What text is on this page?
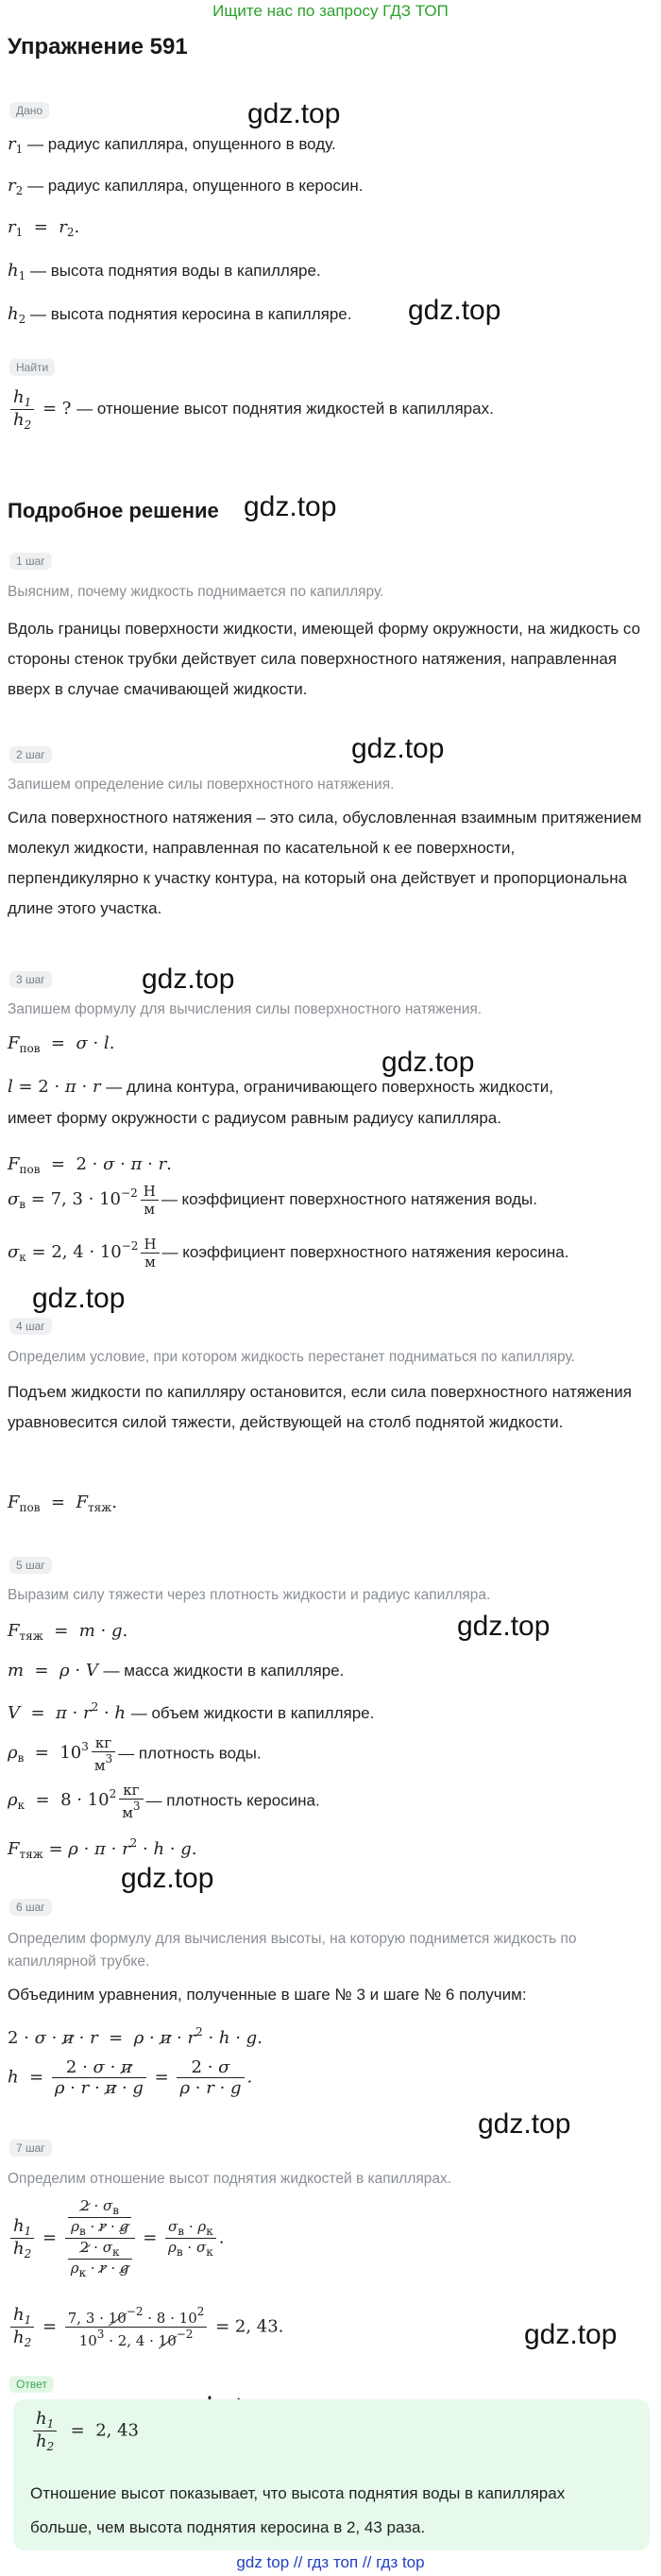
Ищите нас по запросу ГДЗ ТОП
Упражнение 591
gdz.top
gdz.top
gdz.top
gdz.top
gdz.top
gdz.top
gdz.top
gdz.top
gdz.top
gdz.top
gdz.top
Дано
$r_1$ — радиус капилляра, опущенного в воду.
$r_2$ — радиус капилляра, опущенного в керосин.
$r_1 = r_2$.
$h_1$ — высота поднятия воды в капилляре.
$h_2$ — высота поднятия керосина в капилляре.
Найти
$\frac{h_1}{h_2}$ = ? — отношение высот поднятия жидкостей в капиллярах.
Подробное решение
1 шаг
Выясним, почему жидкость поднимается по капилляру.
Вдоль границы поверхности жидкости, имеющей форму окружности, на жидкость со стороны стенок трубки действует сила поверхностного натяжения, направленная вверх в случае смачивающей жидкости.
2 шаг
Запишем определение силы поверхностного натяжения.
Сила поверхностного натяжения – это сила, обусловленная взаимным притяжением молекул жидкости, направленная по касательной к ее поверхности, перпендикулярно к участку контура, на который она действует и пропорциональна длине этого участка.
3 шаг
Запишем формулу для вычисления силы поверхностного натяжения.
$F_{пов} = \sigma \cdot l$.
l = 2 · π · r — длина контура, ограничивающего поверхность жидкости,
имеет форму окружности с радиусом равным радиусу капилляра.
$F_{пов} = 2 \cdot \sigma \cdot \pi \cdot r$.
$\sigma_в = 7$, $3 \cdot 10^{-2} \frac{Н}{м}$ — коэффициент поверхностного натяжения воды.
$\sigma_к = 2$, $4 \cdot 10^{-2} \frac{Н}{м}$ — коэффициент поверхностного натяжения керосина.
4 шаг
Определим условие, при котором жидкость перестанет подниматься по капилляру.
Подъем жидкости по капилляру остановится, если сила поверхностного натяжения уравновесится силой тяжести, действующей на столб поднятой жидкости.
$F_{пов} = F_{тяж}$.
5 шаг
Выразим силу тяжести через плотность жидкости и радиус капилляра.
$F_{тяж} = m \cdot g$.
m  =  ρ · V — масса жидкости в капилляре.
$V = \pi \cdot r^2 \cdot h$ — объем жидкости в капилляре.
$\rho_в = 10^3 \frac{кг}{м^3}$ — плотность воды.
$\rho_к = 8 \cdot 10^2 \frac{кг}{м^3}$ — плотность керосина.
$F_{тяж} = \rho \cdot \pi \cdot r^2 \cdot h \cdot g$.
6 шаг
Определим формулу для вычисления высоты, на которую поднимется жидкость по
капиллярной трубке.
Объединим уравнения, полученные в шаге № 3 и шаге № 6 получим:
$2 \cdot \sigma \cdot \pi \cdot r = \rho \cdot \pi \cdot r^2 \cdot h \cdot g$.
$h = \frac{2 \cdot \sigma \cdot \pi}{\rho \cdot r \cdot \pi \cdot g} = \frac{2 \cdot \sigma}{\rho \cdot r \cdot g}$ .
7 шаг
Определим отношение высот поднятия жидкостей в капиллярах.
$\frac{h_1}{h_2} = \frac{\frac{2 \cdot \sigma_в}{\rho_в \cdot r \cdot g}}{\frac{2 \cdot \sigma_к}{\rho_к \cdot r \cdot g}} = \frac{\sigma_в \cdot \rho_к}{\rho_в \cdot \sigma_к}$ .
$\frac{h_1}{h_2} = \frac{7, 3 \cdot 10^{-2} \cdot 8 \cdot 10^2}{10^3 \cdot 2, 4 \cdot 10^{-2}} = 2$, 43.
Ответ
$\frac{h_1}{h_2} = 2$, 43
Отношение высот показывает, что высота поднятия воды в капиллярах
больше, чем высота поднятия керосина в 2, 43 раза.
gdz top // гдз топ // гдз top
